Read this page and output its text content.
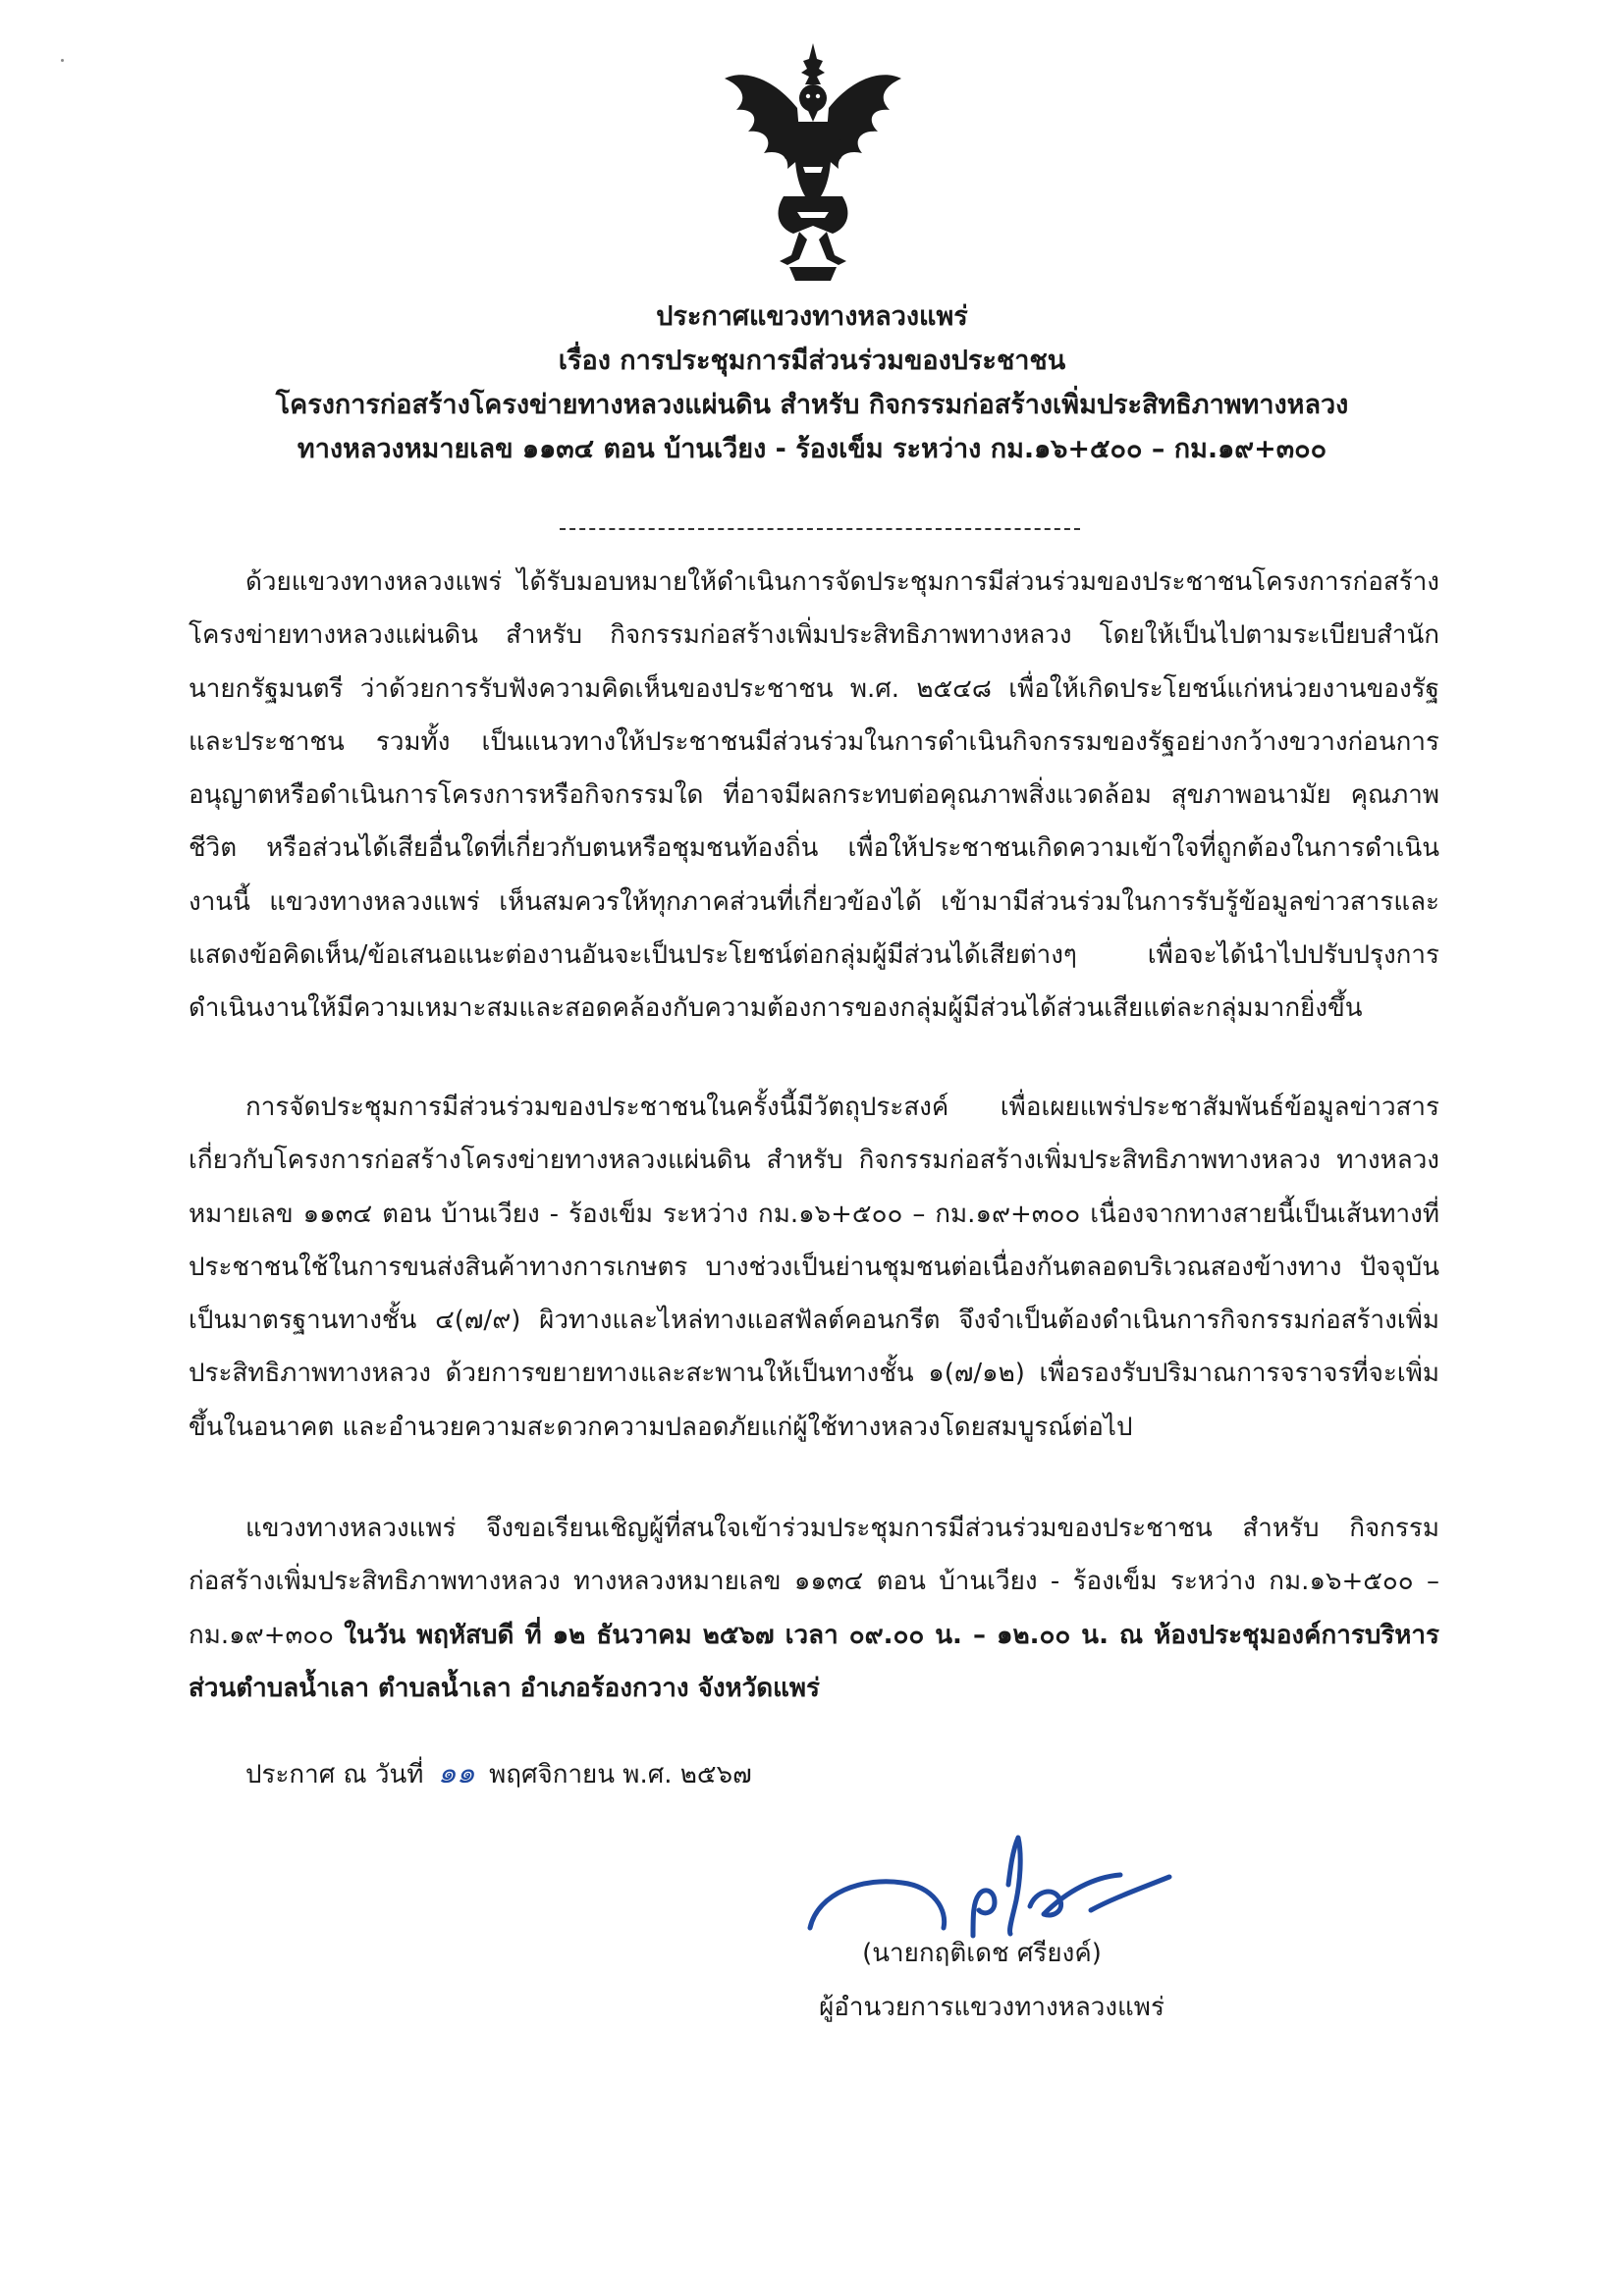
ประกาศแขวงทางหลวงแพร่
เรื่อง การประชุมการมีส่วนร่วมของประชาชน
โครงการก่อสร้างโครงข่ายทางหลวงแผ่นดิน สำหรับ กิจกรรมก่อสร้างเพิ่มประสิทธิภาพทางหลวง
ทางหลวงหมายเลข ๑๑๓๔ ตอน บ้านเวียง - ร้องเข็ม ระหว่าง กม.๑๖+๕๐๐ – กม.๑๙+๓๐๐

ด้วยแขวงทางหลวงแพร่ ได้รับมอบหมายให้ดำเนินการจัดประชุมการมีส่วนร่วมของประชาชนโครงการก่อสร้างโครงข่ายทางหลวงแผ่นดิน สำหรับ กิจกรรมก่อสร้างเพิ่มประสิทธิภาพทางหลวง โดยให้เป็นไปตามระเบียบสำนักนายกรัฐมนตรี ว่าด้วยการรับฟังความคิดเห็นของประชาชน พ.ศ. ๒๕๔๘ เพื่อให้เกิดประโยชน์แก่หน่วยงานของรัฐและประชาชน รวมทั้ง เป็นแนวทางให้ประชาชนมีส่วนร่วมในการดำเนินกิจกรรมของรัฐอย่างกว้างขวางก่อนการอนุญาตหรือดำเนินการโครงการหรือกิจกรรมใด ที่อาจมีผลกระทบต่อคุณภาพสิ่งแวดล้อม สุขภาพอนามัย คุณภาพชีวิต หรือส่วนได้เสียอื่นใดที่เกี่ยวกับตนหรือชุมชนท้องถิ่น เพื่อให้ประชาชนเกิดความเข้าใจที่ถูกต้องในการดำเนินงานนี้ แขวงทางหลวงแพร่ เห็นสมควรให้ทุกภาคส่วนที่เกี่ยวข้องได้ เข้ามามีส่วนร่วมในการรับรู้ข้อมูลข่าวสารและแสดงข้อคิดเห็น/ข้อเสนอแนะต่องานอันจะเป็นประโยชน์ต่อกลุ่มผู้มีส่วนได้เสียต่างๆ เพื่อจะได้นำไปปรับปรุงการดำเนินงานให้มีความเหมาะสมและสอดคล้องกับความต้องการของกลุ่มผู้มีส่วนได้ส่วนเสียแต่ละกลุ่มมากยิ่งขึ้น

การจัดประชุมการมีส่วนร่วมของประชาชนในครั้งนี้มีวัตถุประสงค์ เพื่อเผยแพร่ประชาสัมพันธ์ข้อมูลข่าวสารเกี่ยวกับโครงการก่อสร้างโครงข่ายทางหลวงแผ่นดิน สำหรับ กิจกรรมก่อสร้างเพิ่มประสิทธิภาพทางหลวง ทางหลวงหมายเลข ๑๑๓๔ ตอน บ้านเวียง - ร้องเข็ม ระหว่าง กม.๑๖+๕๐๐ – กม.๑๙+๓๐๐ เนื่องจากทางสายนี้เป็นเส้นทางที่ประชาชนใช้ในการขนส่งสินค้าทางการเกษตร บางช่วงเป็นย่านชุมชนต่อเนื่องกันตลอดบริเวณสองข้างทาง ปัจจุบันเป็นมาตรฐานทางชั้น ๔(๗/๙) ผิวทางและไหล่ทางแอสฟัลต์คอนกรีต จึงจำเป็นต้องดำเนินการกิจกรรมก่อสร้างเพิ่มประสิทธิภาพทางหลวง ด้วยการขยายทางและสะพานให้เป็นทางชั้น ๑(๗/๑๒) เพื่อรองรับปริมาณการจราจรที่จะเพิ่มขึ้นในอนาคต และอำนวยความสะดวกความปลอดภัยแก่ผู้ใช้ทางหลวงโดยสมบูรณ์ต่อไป

แขวงทางหลวงแพร่ จึงขอเรียนเชิญผู้ที่สนใจเข้าร่วมประชุมการมีส่วนร่วมของประชาชน สำหรับ กิจกรรมก่อสร้างเพิ่มประสิทธิภาพทางหลวง ทางหลวงหมายเลข ๑๑๓๔ ตอน บ้านเวียง - ร้องเข็ม ระหว่าง กม.๑๖+๕๐๐ – กม.๑๙+๓๐๐ ในวัน พฤหัสบดี ที่ ๑๒ ธันวาคม ๒๕๖๗ เวลา ๐๙.๐๐ น. – ๑๒.๐๐ น. ณ ห้องประชุมองค์การบริหารส่วนตำบลน้ำเลา ตำบลน้ำเลา อำเภอร้องกวาง จังหวัดแพร่

ประกาศ ณ วันที่ ๑๑ พฤศจิกายน พ.ศ. ๒๕๖๗
(นายกฤติเดช ศรียงค์)
ผู้อำนวยการแขวงทางหลวงแพร่
